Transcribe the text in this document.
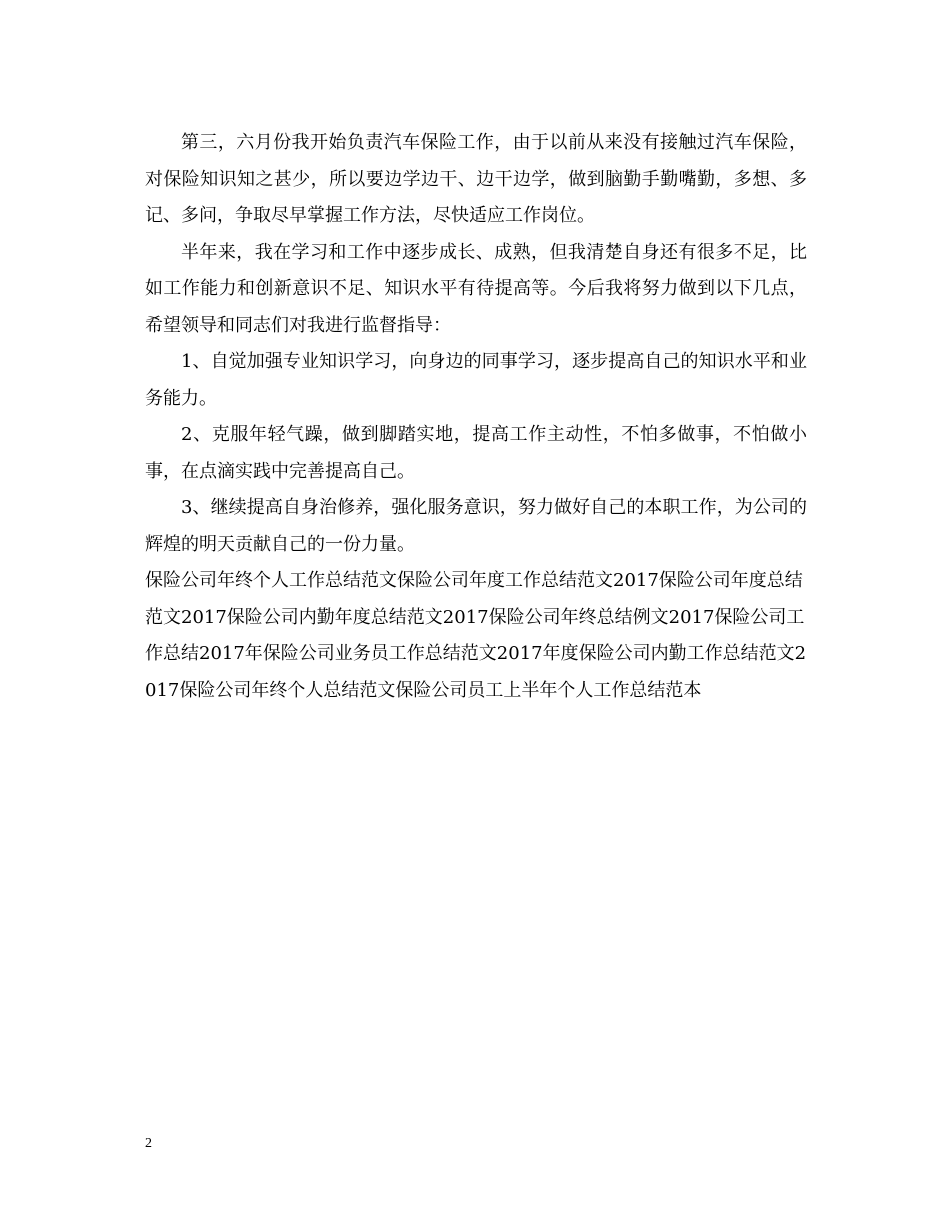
第三，六月份我开始负责汽车保险工作，由于以前从来没有接触过汽车保险，对保险知识知之甚少，所以要边学边干、边干边学，做到脑勤手勤嘴勤，多想、多记、多问，争取尽早掌握工作方法，尽快适应工作岗位。

半年来，我在学习和工作中逐步成长、成熟，但我清楚自身还有很多不足，比如工作能力和创新意识不足、知识水平有待提高等。今后我将努力做到以下几点，希望领导和同志们对我进行监督指导：

1、自觉加强专业知识学习，向身边的同事学习，逐步提高自己的知识水平和业务能力。

2、克服年轻气躁，做到脚踏实地，提高工作主动性，不怕多做事，不怕做小事，在点滴实践中完善提高自己。

3、继续提高自身治修养，强化服务意识，努力做好自己的本职工作，为公司的辉煌的明天贡献自己的一份力量。

保险公司年终个人工作总结范文保险公司年度工作总结范文2017保险公司年度总结范文2017保险公司内勤年度总结范文2017保险公司年终总结例文2017保险公司工作总结2017年保险公司业务员工作总结范文2017年度保险公司内勤工作总结范文2017保险公司年终个人总结范文保险公司员工上半年个人工作总结范本

2
